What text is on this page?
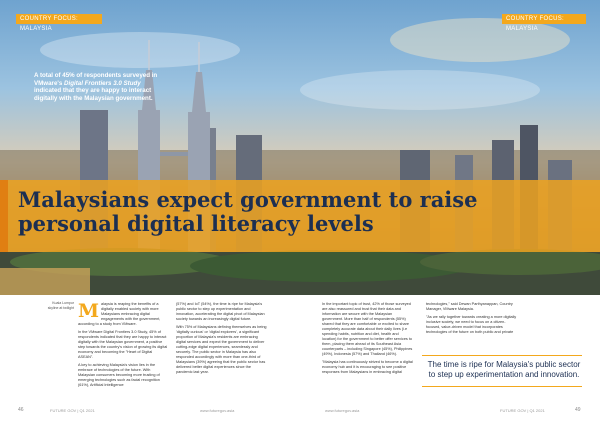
COUNTRY FOCUS: MALAYSIA
COUNTRY FOCUS: MALAYSIA
A total of 45% of respondents surveyed in VMware's Digital Frontiers 3.0 Study indicated that they are happy to interact digitally with the Malaysian government.
Malaysians expect government to raise
personal digital literacy levels
Kuala Lumpur
skyline at twilight Malaysia is reaping the benefits of a digitally enabled society with more Malaysians embracing digital engagements with the government, according to a study from VMware.

In the VMware Digital Frontiers 3.0 Study, 45% of respondents indicated that they are happy to interact digitally with the Malaysian government, a positive step towards the country's vision of growing its digital economy and becoming the "Heart of Digital ASEAN".

A key to achieving Malaysia's vision lies in the embrace of technologies of the future. With Malaysian consumers becoming more trusting of emerging technologies such as facial recognition (61%), Artificial Intelligence

(57%) and IoT (54%), the time is ripe for Malaysia's public sector to step up experimentation and innovation, accelerating the digital pivot of Malaysian society towards an increasingly digital future.

With 75% of Malaysians defining themselves as being 'digitally curious' or 'digital explorers', a significant proportion of Malaysia's residents are embracing digital services and expect the government to deliver cutting-edge digital experiences, seamlessly and securely. The public sector in Malaysia has also responded accordingly with more than one-third of Malaysians (39%) agreeing that the public sector has delivered better digital experiences since the pandemic last year.

In the important topic of trust, 42% of those surveyed are also reassured and trust that their data and information are secure with the Malaysian government. More than half of respondents (55%) shared that they are comfortable or excited to share completely accurate data about their daily lives (i.e spending habits, nutrition and diet, health and location) for the government to better offer services to them, placing them ahead of its Southeast Asia counterparts – including Singapore (45%), Philippines (49%), Indonesia (57%) and Thailand (46%).

"Malaysia has continuously strived to become a digital economy hub and it is encouraging to see positive responses from Malaysians in embracing digital

technologies," said Dewan Parthyanappan, Country Manager, VMware Malaysia.

"As we rally together towards creating a more digitally inclusive society, we need to focus on a citizen-focused, value-driven model that incorporates technologies of the future on both public and private

The time is ripe for Malaysia's public sector to step up experimentation and innovation.
46	FUTURE GOV | Q1 2021	www.futuregov.asia	www.futuregov.asia	FUTURE GOV | Q1 2021	49
